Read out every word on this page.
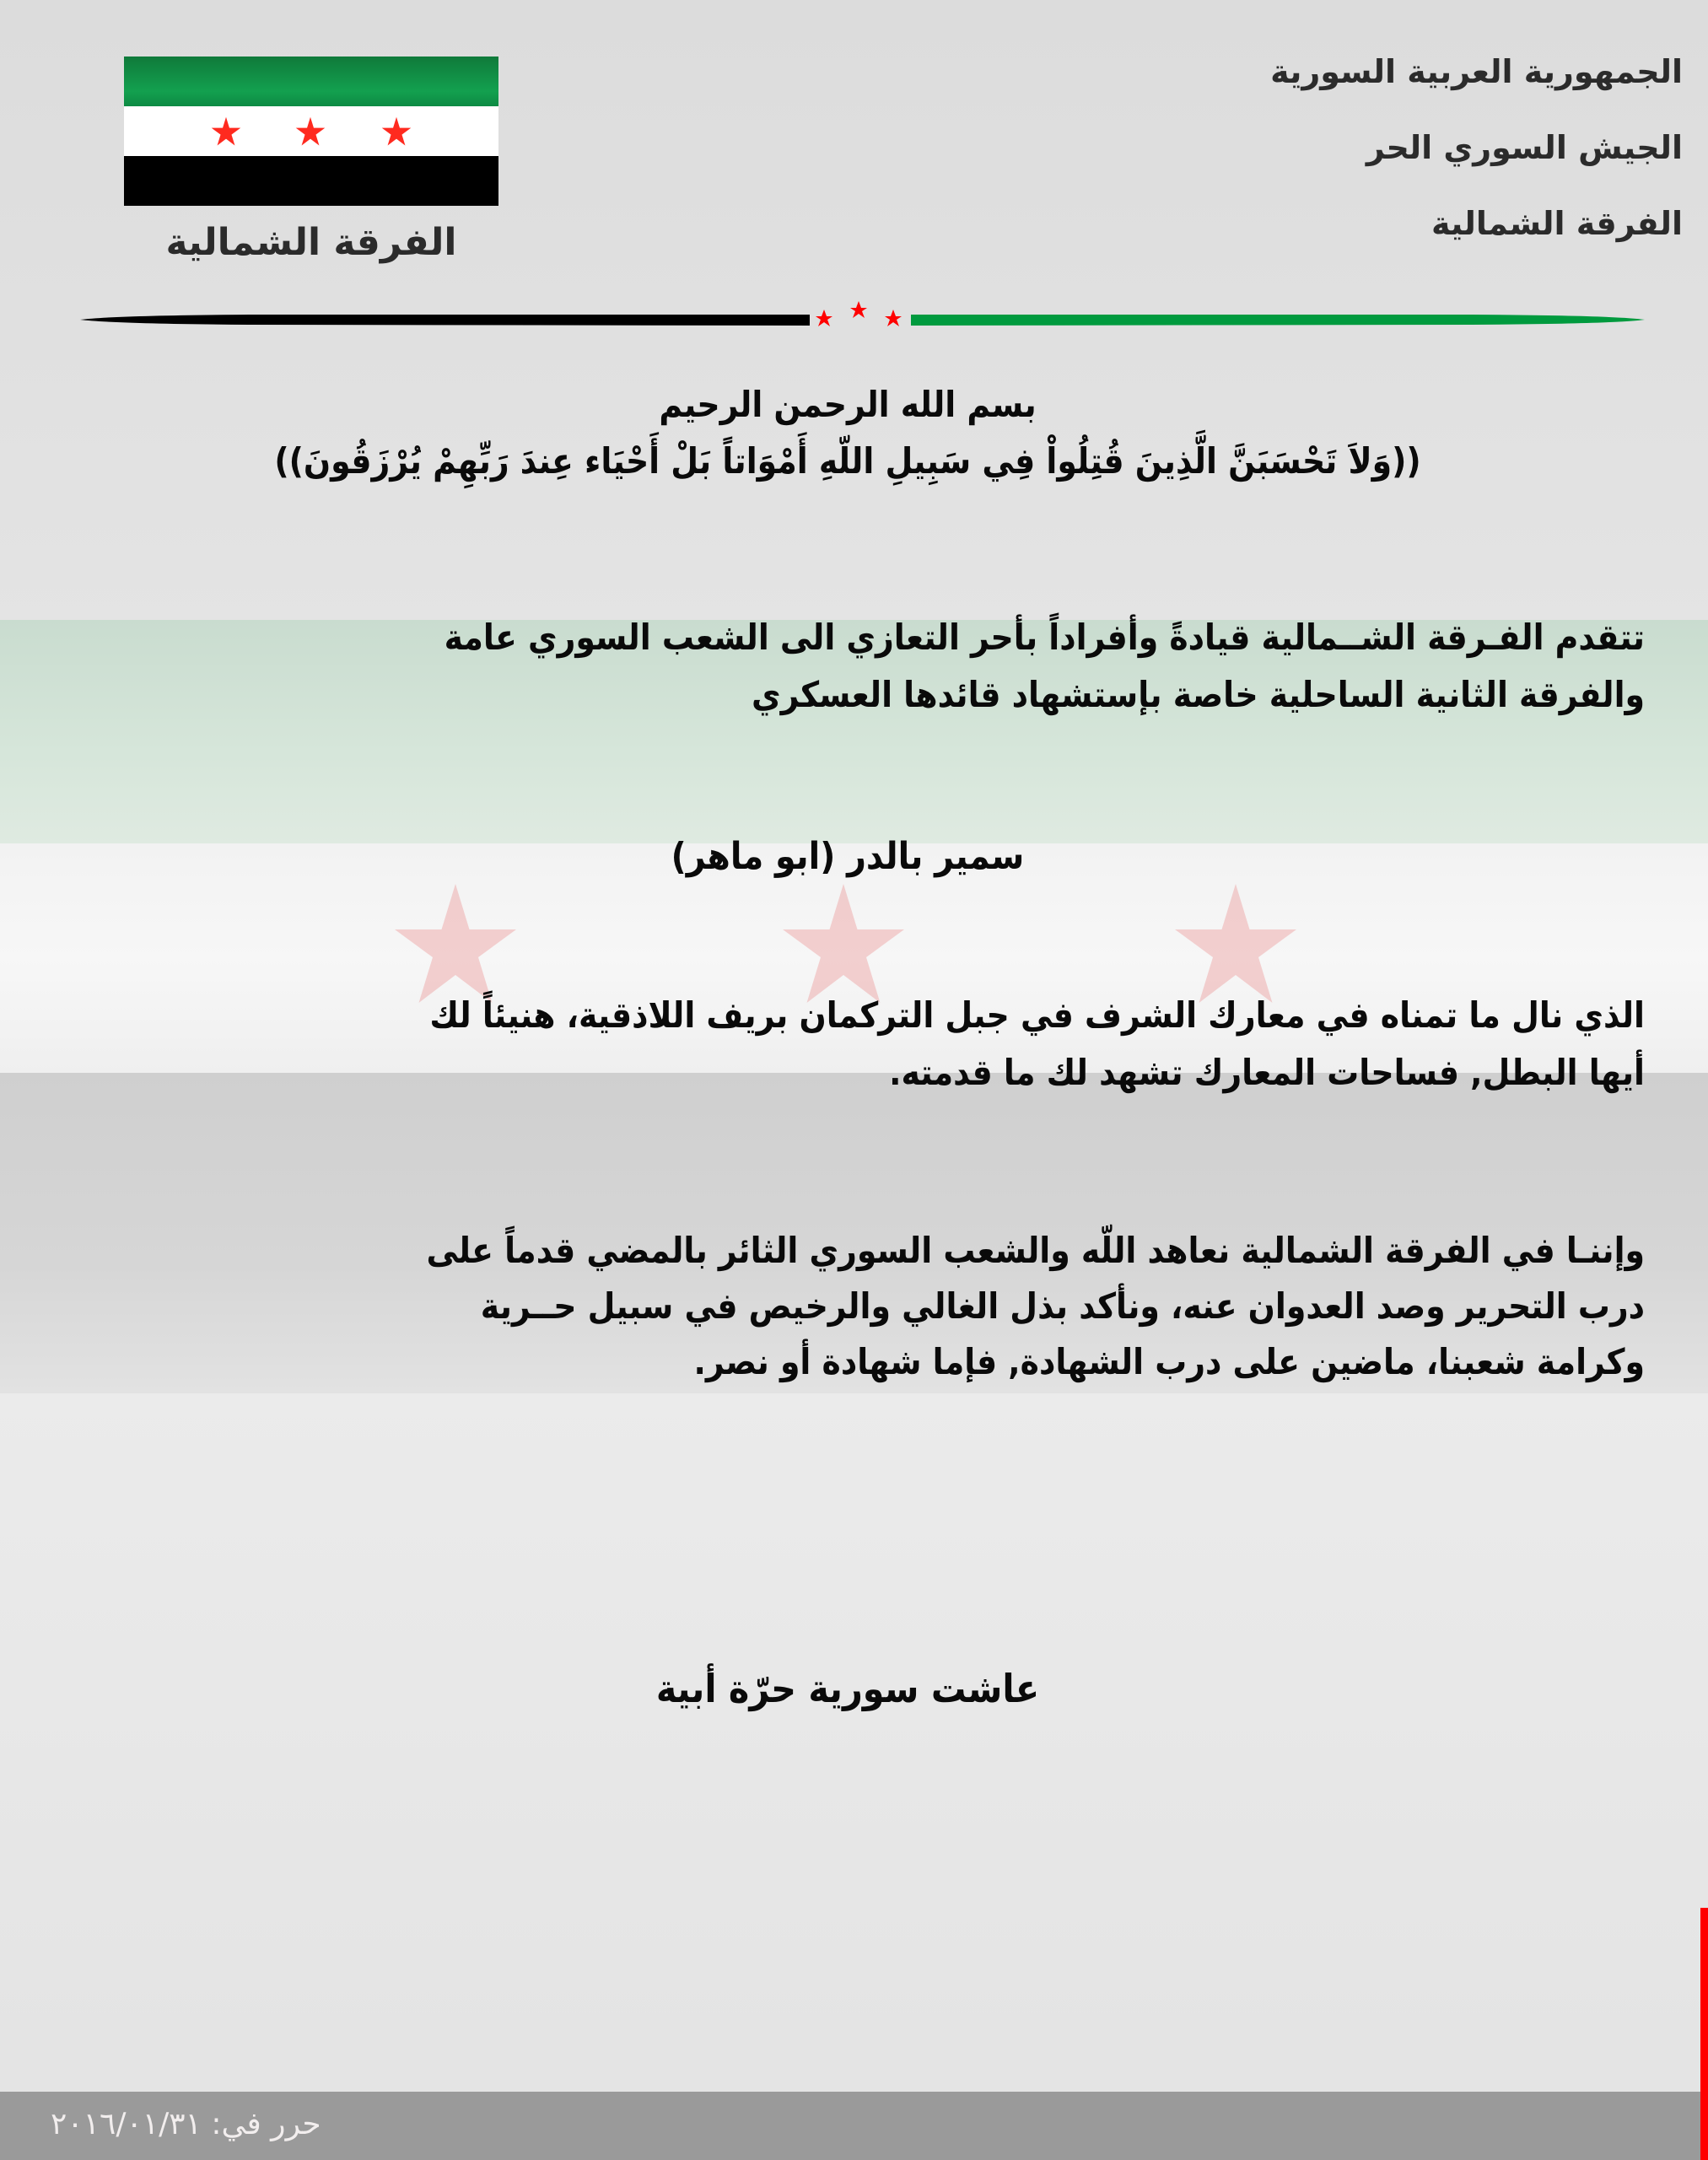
الجمهورية العربية السورية
الجيش السوري الحر
الفرقة الشمالية
الفرقة الشمالية
بسم الله الرحمن الرحيم
((وَلاَ تَحْسَبَنَّ الَّذِينَ قُتِلُواْ فِي سَبِيلِ اللّهِ أَمْوَاتاً بَلْ أَحْيَاء عِندَ رَبِّهِمْ يُرْزَقُونَ))
تتقدم الفـرقة الشــمالية قيادةً وأفراداً بأحر التعازي الى الشعب السوري عامة
والفرقة الثانية الساحلية خاصة بإستشهاد قائدها العسكري
سمير بالدر (ابو ماهر)
الذي نال ما تمناه في معارك الشرف في جبل التركمان بريف اللاذقية، هنيئاً لك
أيها البطل, فساحات المعارك تشهد لك ما قدمته.
وإننـا في الفرقة الشمالية نعاهد اللّه والشعب السوري الثائر بالمضي قدماً على
درب التحرير وصد العدوان عنه، ونأكد بذل الغالي والرخيص في سبيل حــرية
وكرامة شعبنا، ماضين على درب الشهادة, فإما شهادة أو نصر.
عاشت سورية حرّة أبية
حرر في: ٢٠١٦/٠١/٣١
